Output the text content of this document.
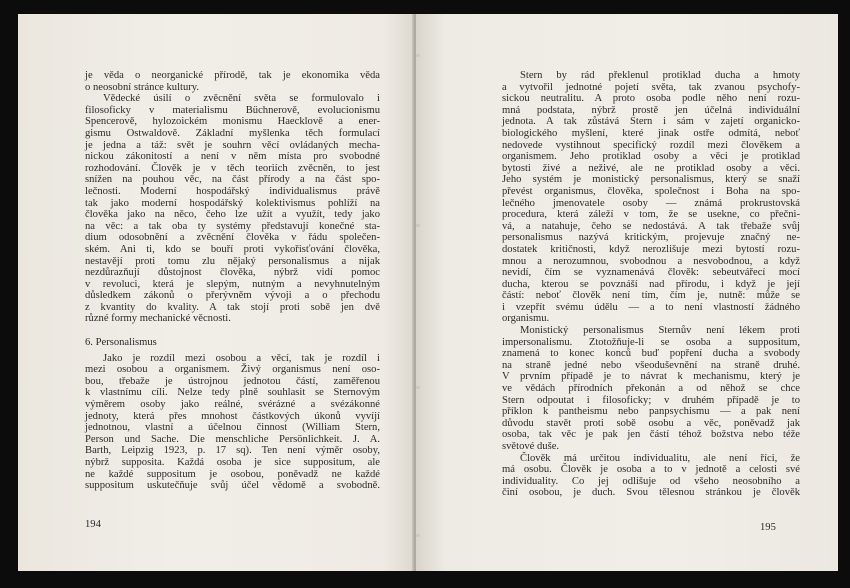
je věda o neorganické přírodě, tak je ekonomika věda
o neosobní stránce kultury.
Vědecké úsilí o zvěcnění světa se formulovalo i
filosoficky v materialismu Büchnerově, evolucionismu
Spencerově, hylozoickém monismu Haecklově a ener-
gismu Ostwaldově. Základní myšlenka těch formulací
je jedna a táž: svět je souhrn věcí ovládaných mecha-
nickou zákonitostí a není v něm místa pro svobodné
rozhodování. Člověk je v těch teoriích zvěcněn, to jest
snížen na pouhou věc, na část přírody a na část spo-
lečnosti. Moderní hospodářský individualismus právě
tak jako moderní hospodářský kolektivismus pohlíží na
člověka jako na něco, čeho lze užít a využít, tedy jako
na věc: a tak oba ty systémy představují konečné sta-
dium odosobnění a zvěcnění člověka v řádu společen-
ském. Ani ti, kdo se bouří proti vykořisťování člověka,
nestavějí proti tomu zlu nějaký personalismus a nijak
nezdůrazňují důstojnost člověka, nýbrž vidí pomoc
v revoluci, která je slepým, nutným a nevyhnutelným
důsledkem zákonů o přerývněm vývoji a o přechodu
z kvantity do kvality. A tak stojí proti sobě jen dvě
různé formy mechanické věcnosti.
6. Personalismus
Jako je rozdíl mezi osobou a věcí, tak je rozdíl i
mezi osobou a organismem. Živý organismus není oso-
bou, třebaže je ústrojnou jednotou částí, zaměřenou
k vlastnímu cíli. Nelze tedy plně souhlasit se Sternovým
výměrem osoby jako reálné, svérázné a svézákonné
jednoty, která přes mnohost částkových úkonů vyvíjí
jednotnou, vlastní a účelnou činnost (William Stern,
Person und Sache. Die menschliche Persönlichkeit. J. A.
Barth, Leipzig 1923, p. 17 sq). Ten není výměr osoby,
nýbrž supposita. Každá osoba je sice suppositum, ale
ne každé suppositum je osobou, poněvadž ne každé
suppositum uskutečňuje svůj účel vědomě a svobodně.
194
Stern by rád překlenul protiklad ducha a hmoty
a vytvořil jednotné pojetí světa, tak zvanou psychofy-
sickou neutralitu. A proto osoba podle něho není rozu-
mná podstata, nýbrž prostě jen účelná individuální
jednota. A tak zůstává Stern i sám v zajetí organicko-
biologického myšlení, které jinak ostře odmítá, neboť
nedovede vystihnout specifický rozdíl mezi člověkem a
organismem. Jeho protiklad osoby a věci je protiklad
bytosti živé a neživé, ale ne protiklad osoby a věci.
Jeho systém je monistický personalismus, který se snaží
převést organismus, člověka, společnost i Boha na spo-
lečného jmenovatele osoby — známá prokrustovská
procedura, která záleží v tom, že se usekne, co přečni-
vá, a natahuje, čeho se nedostává. A tak třebaže svůj
personalismus nazývá kritickým, projevuje značný ne-
dostatek kritičnosti, když nerozlišuje mezi bytostí rozu-
mnou a nerozumnou, svobodnou a nesvobodnou, a když
nevidí, čím se vyznamenává člověk: sebeutvářecí mocí
ducha, kterou se povznáší nad přírodu, i když je její
částí: neboť člověk není tím, čím je, nutně: může se
i vzepřít svému údělu — a to není vlastností žádného
organismu.
Monistický personalismus Sternův není lékem proti
impersonalismu. Ztotožňuje-li se osoba a suppositum,
znamená to konec konců buď popření ducha a svobody
na straně jedné nebo všeoduševnění na straně druhé.
V prvním případě je to návrat k mechanismu, který je
ve vědách přírodních překonán a od něhož se chce
Stern odpoutat i filosoficky; v druhém případě je to
příklon k pantheismu nebo panpsychismu — a pak není
důvodu stavět proti sobě osobu a věc, poněvadž jak
osoba, tak věc je pak jen částí téhož božstva nebo téže
světové duše.
Člověk má určitou individualitu, ale není říci, že
má osobu. Člověk je osoba a to v jednotě a celosti své
individuality. Co jej odlišuje od všeho neosobního a
činí osobou, je duch. Svou tělesnou stránkou je člověk
195
